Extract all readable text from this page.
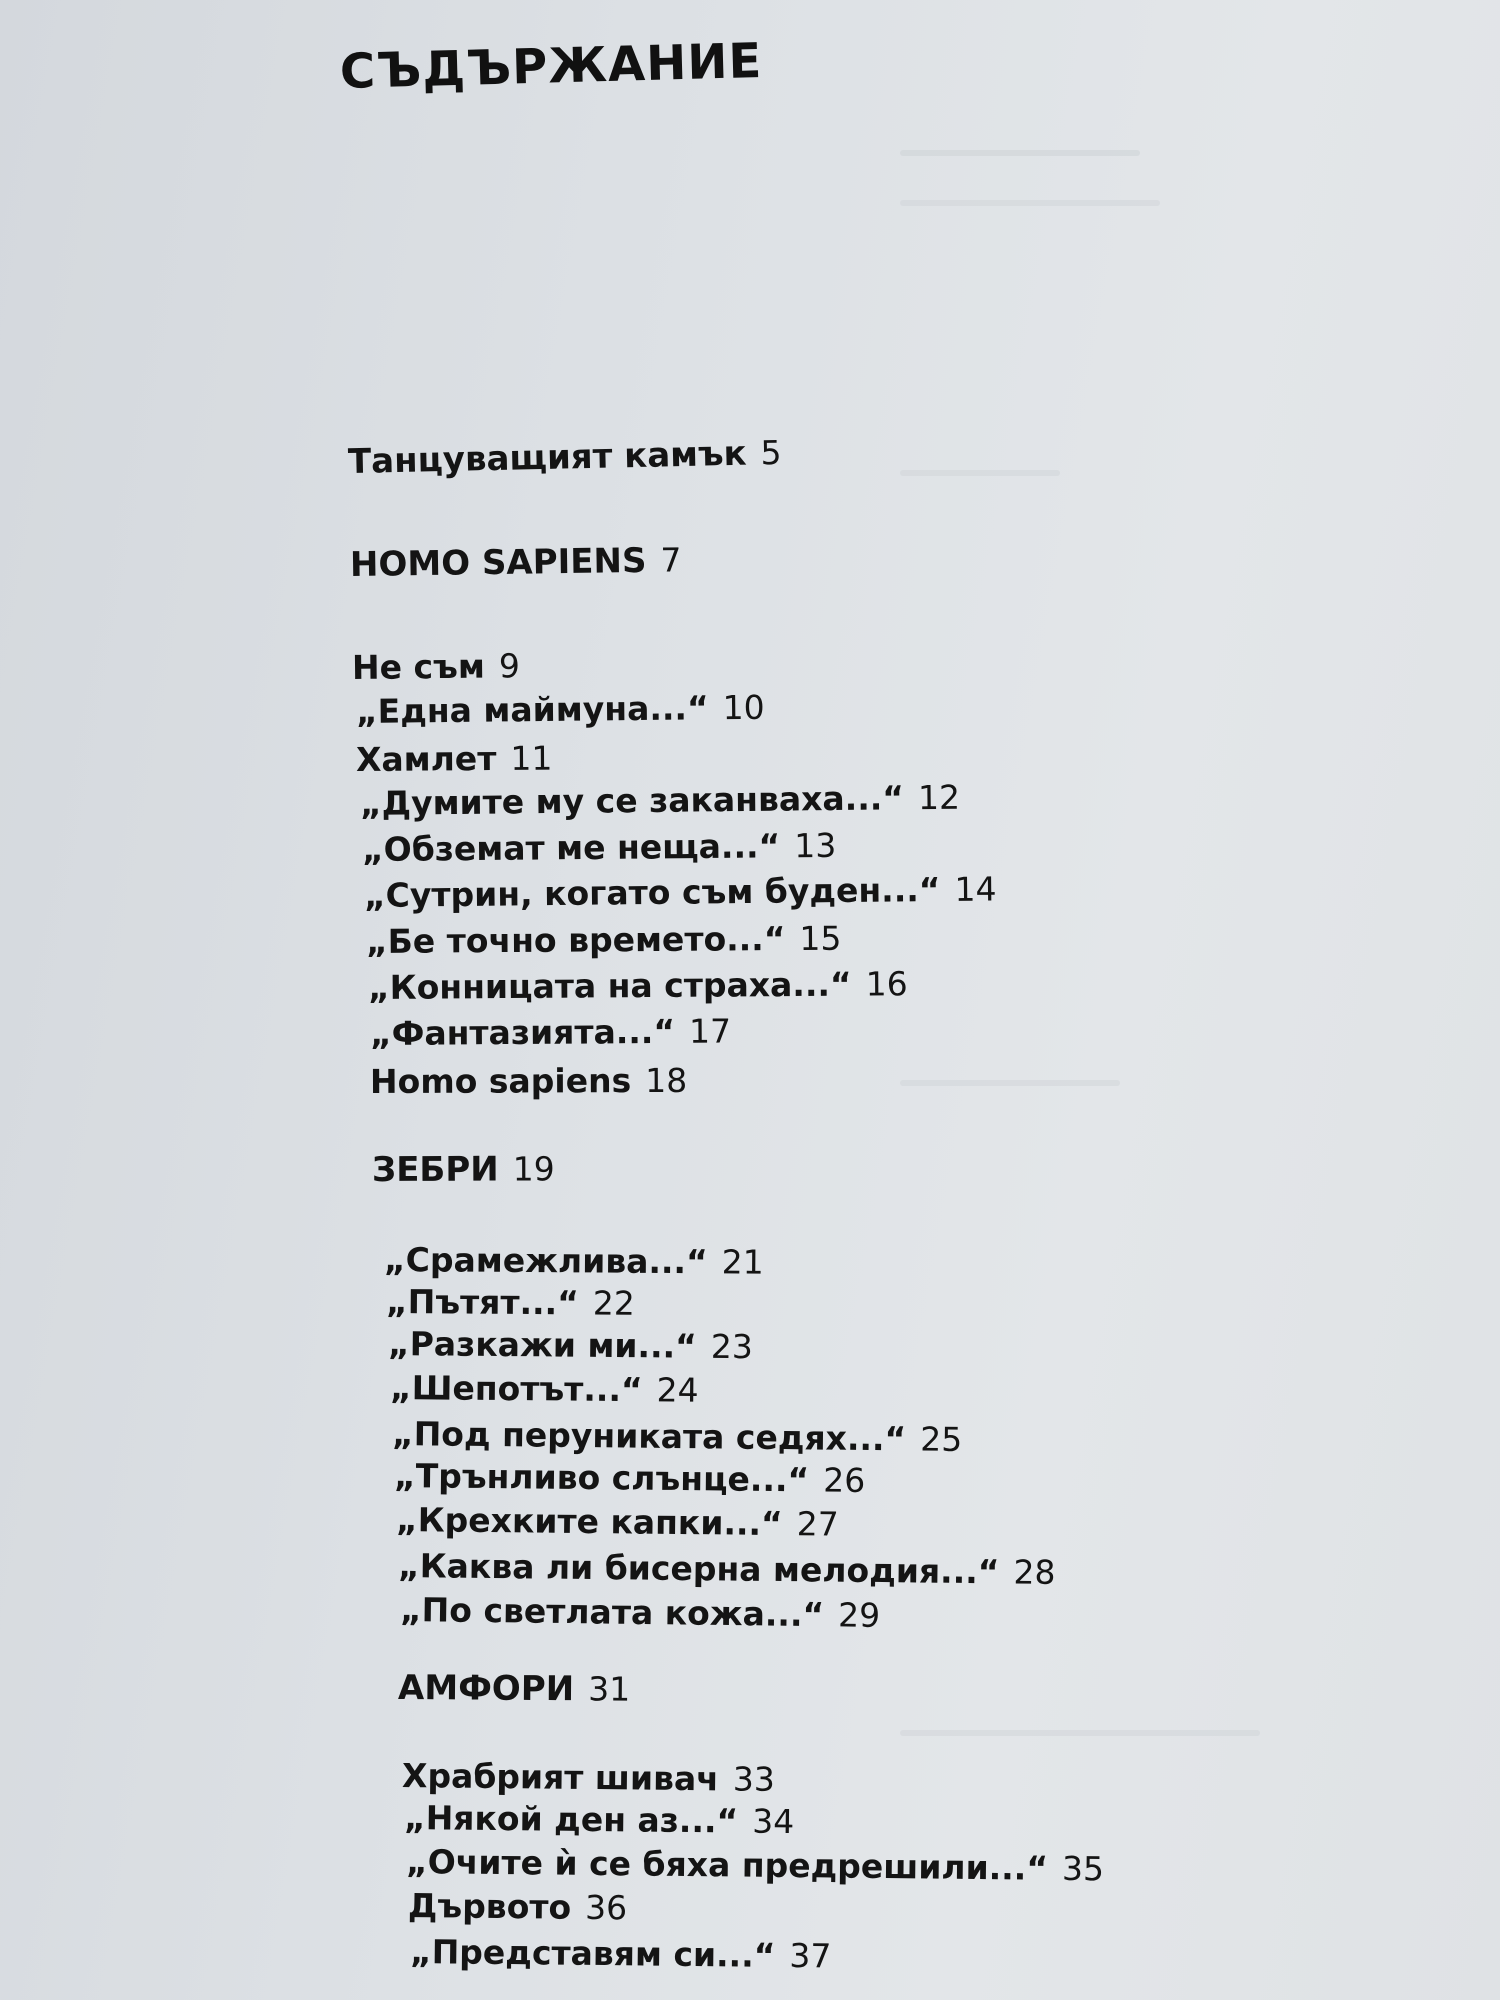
СЪДЪРЖАНИЕ
Танцуващият камък 5
HOMO SAPIENS 7
Не съм 9
„Една маймуна...“ 10
Хамлет 11
„Думите му се заканваха...“ 12
„Обземат ме неща...“ 13
„Сутрин, когато съм буден...“ 14
„Бе точно времето...“ 15
„Конницата на страха...“ 16
„Фантазията...“ 17
Homo sapiens 18
ЗЕБРИ 19
„Срамежлива...“ 21
„Пътят...“ 22
„Разкажи ми...“ 23
„Шепотът...“ 24
„Под перуниката седях...“ 25
„Трънливо слънце...“ 26
„Крехките капки...“ 27
„Каква ли бисерна мелодия...“ 28
„По светлата кожа...“ 29
АМФОРИ 31
Храбрият шивач 33
„Някой ден аз...“ 34
„Очите ѝ се бяха предрешили...“ 35
Дървото 36
„Представям си...“ 37
